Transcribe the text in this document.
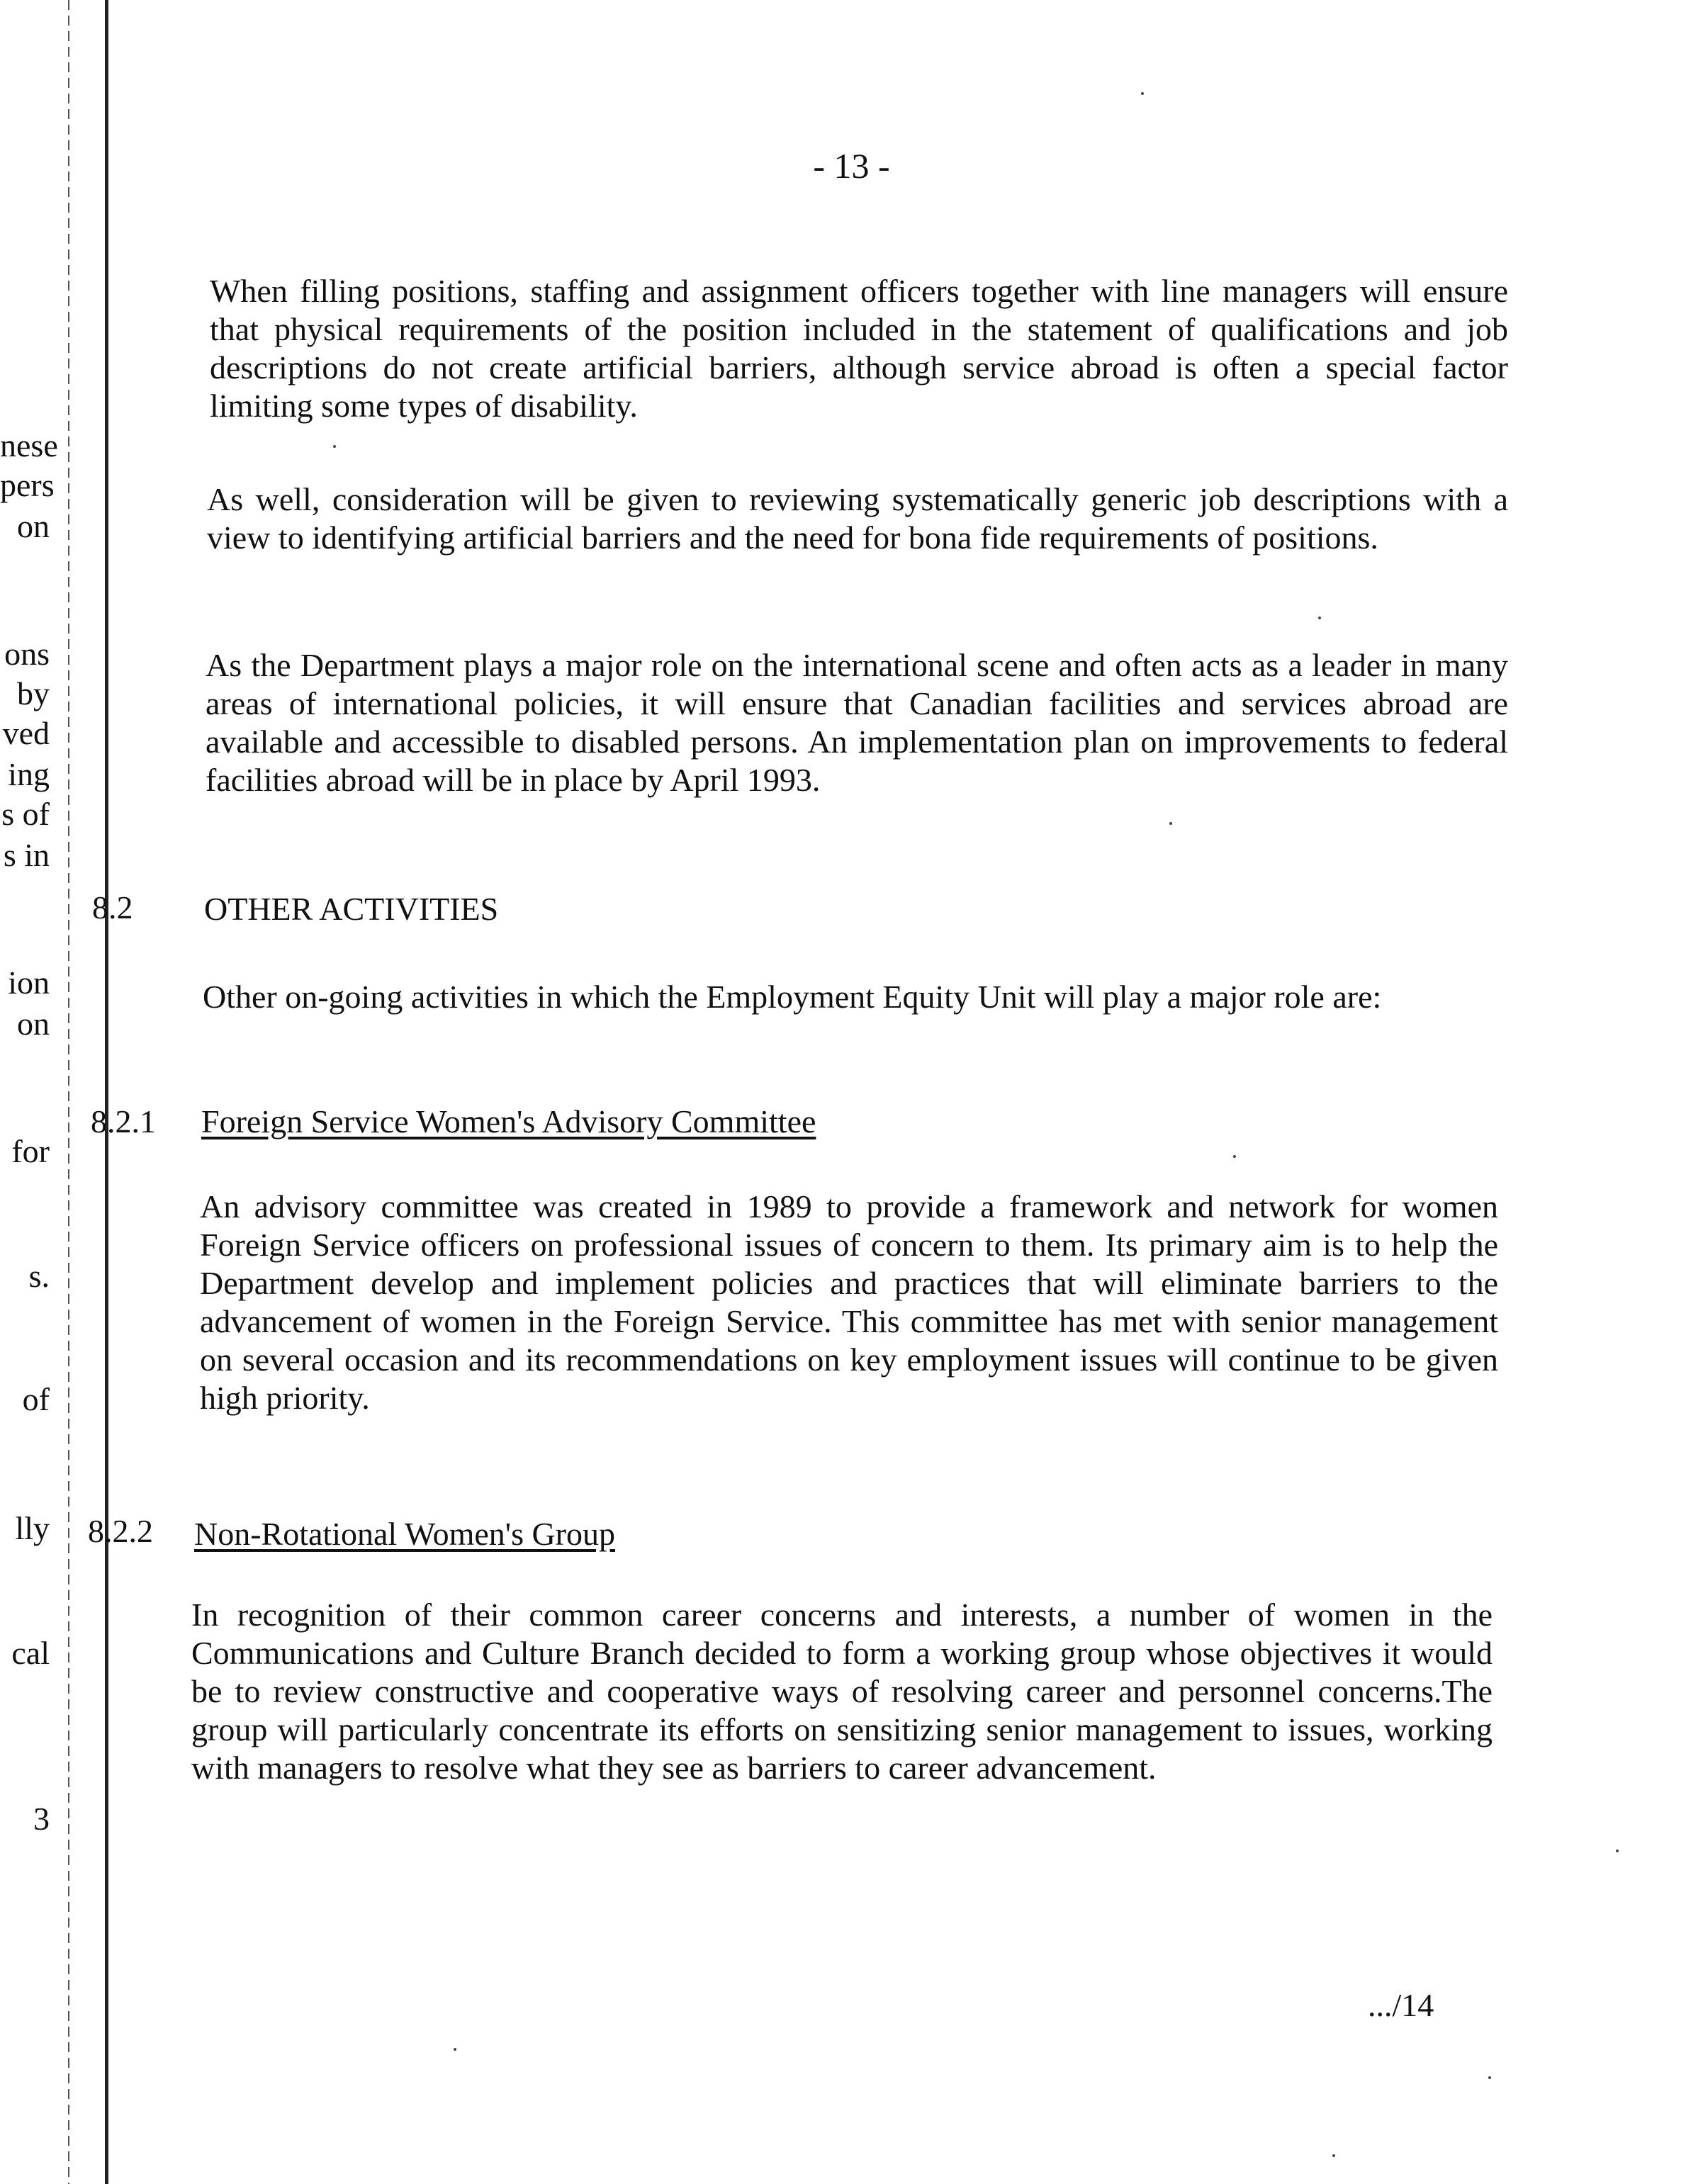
nese
pers
on
ons
by
ved
ing
s of
s in
ion
on
for
s.
of
lly
cal
3
- 13 -

When filling positions, staffing and assignment officers together with line managers will ensure that physical requirements of the position included in the statement of qualifications and job descriptions do not create artificial barriers, although service abroad is often a special factor limiting some types of disability.

As well, consideration will be given to reviewing systematically generic job descriptions with a view to identifying artificial barriers and the need for bona fide requirements of positions.

As the Department plays a major role on the international scene and often acts as a leader in many areas of international policies, it will ensure that Canadian facilities and services abroad are available and accessible to disabled persons. An implementation plan on improvements to federal facilities abroad will be in place by April 1993.

8.2 OTHER ACTIVITIES

Other on-going activities in which the Employment Equity Unit will play a major role are:

8.2.1 Foreign Service Women's Advisory Committee

An advisory committee was created in 1989 to provide a framework and network for women Foreign Service officers on professional issues of concern to them. Its primary aim is to help the Department develop and implement policies and practices that will eliminate barriers to the advancement of women in the Foreign Service. This committee has met with senior management on several occasion and its recommendations on key employment issues will continue to be given high priority.

8.2.2 Non-Rotational Women's Group

In recognition of their common career concerns and interests, a number of women in the Communications and Culture Branch decided to form a working group whose objectives it would be to review constructive and cooperative ways of resolving career and personnel concerns.The group will particularly concentrate its efforts on sensitizing senior management to issues, working with managers to resolve what they see as barriers to career advancement.

.../14
